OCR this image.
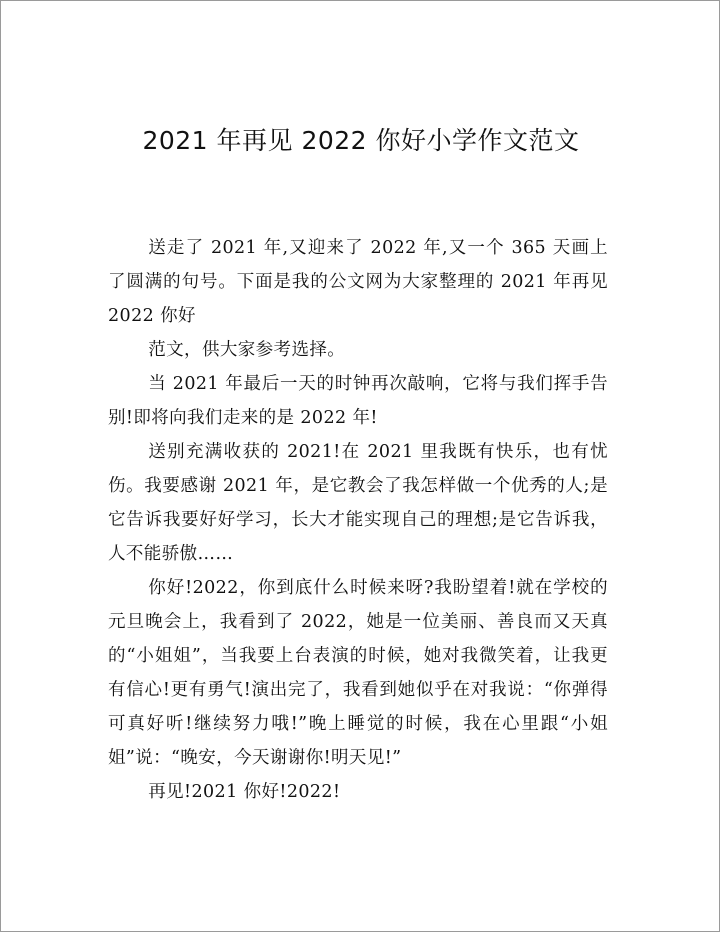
2021 年再见 2022 你好小学作文范文

送走了 2021 年,又迎来了 2022 年,又一个 365 天画上了圆满的句号。下面是我的公文网为大家整理的 2021 年再见 2022 你好

范文，供大家参考选择。

当 2021 年最后一天的时钟再次敲响，它将与我们挥手告别!即将向我们走来的是 2022 年!

送别充满收获的 2021!在 2021 里我既有快乐，也有忧伤。我要感谢 2021 年，是它教会了我怎样做一个优秀的人;是它告诉我要好好学习，长大才能实现自己的理想;是它告诉我，人不能骄傲……

你好!2022，你到底什么时候来呀?我盼望着!就在学校的元旦晚会上，我看到了 2022，她是一位美丽、善良而又天真的“小姐姐”，当我要上台表演的时候，她对我微笑着，让我更有信心!更有勇气!演出完了，我看到她似乎在对我说：“你弹得可真好听!继续努力哦!”晚上睡觉的时候，我在心里跟“小姐姐”说：“晚安，今天谢谢你!明天见!”

再见!2021 你好!2022!
